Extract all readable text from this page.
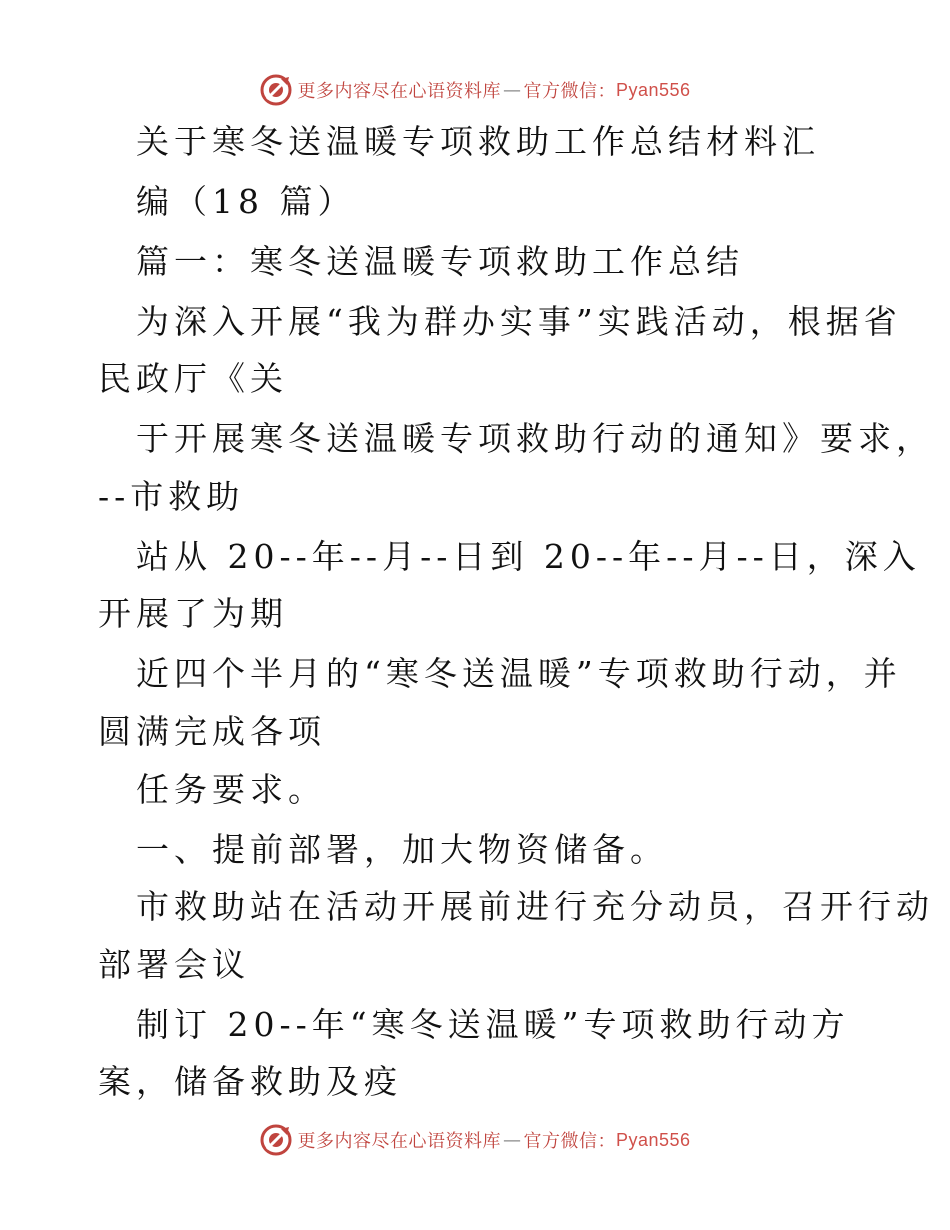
更多内容尽在心语资料库 — 官方微信： Pyan556
关于寒冬送温暖专项救助工作总结材料汇
编（18 篇）
篇一：寒冬送温暖专项救助工作总结
为深入开展“我为群办实事”实践活动，根据省
民政厅《关
于开展寒冬送温暖专项救助行动的通知》要求，
--市救助
站从 20--年--月--日到 20--年--月--日，深入
开展了为期
近四个半月的“寒冬送温暖”专项救助行动，并
圆满完成各项
任务要求。
一、提前部署，加大物资储备。
市救助站在活动开展前进行充分动员，召开行动
部署会议
制订 20--年“寒冬送温暖”专项救助行动方
案，储备救助及疫
更多内容尽在心语资料库 — 官方微信： Pyan556
